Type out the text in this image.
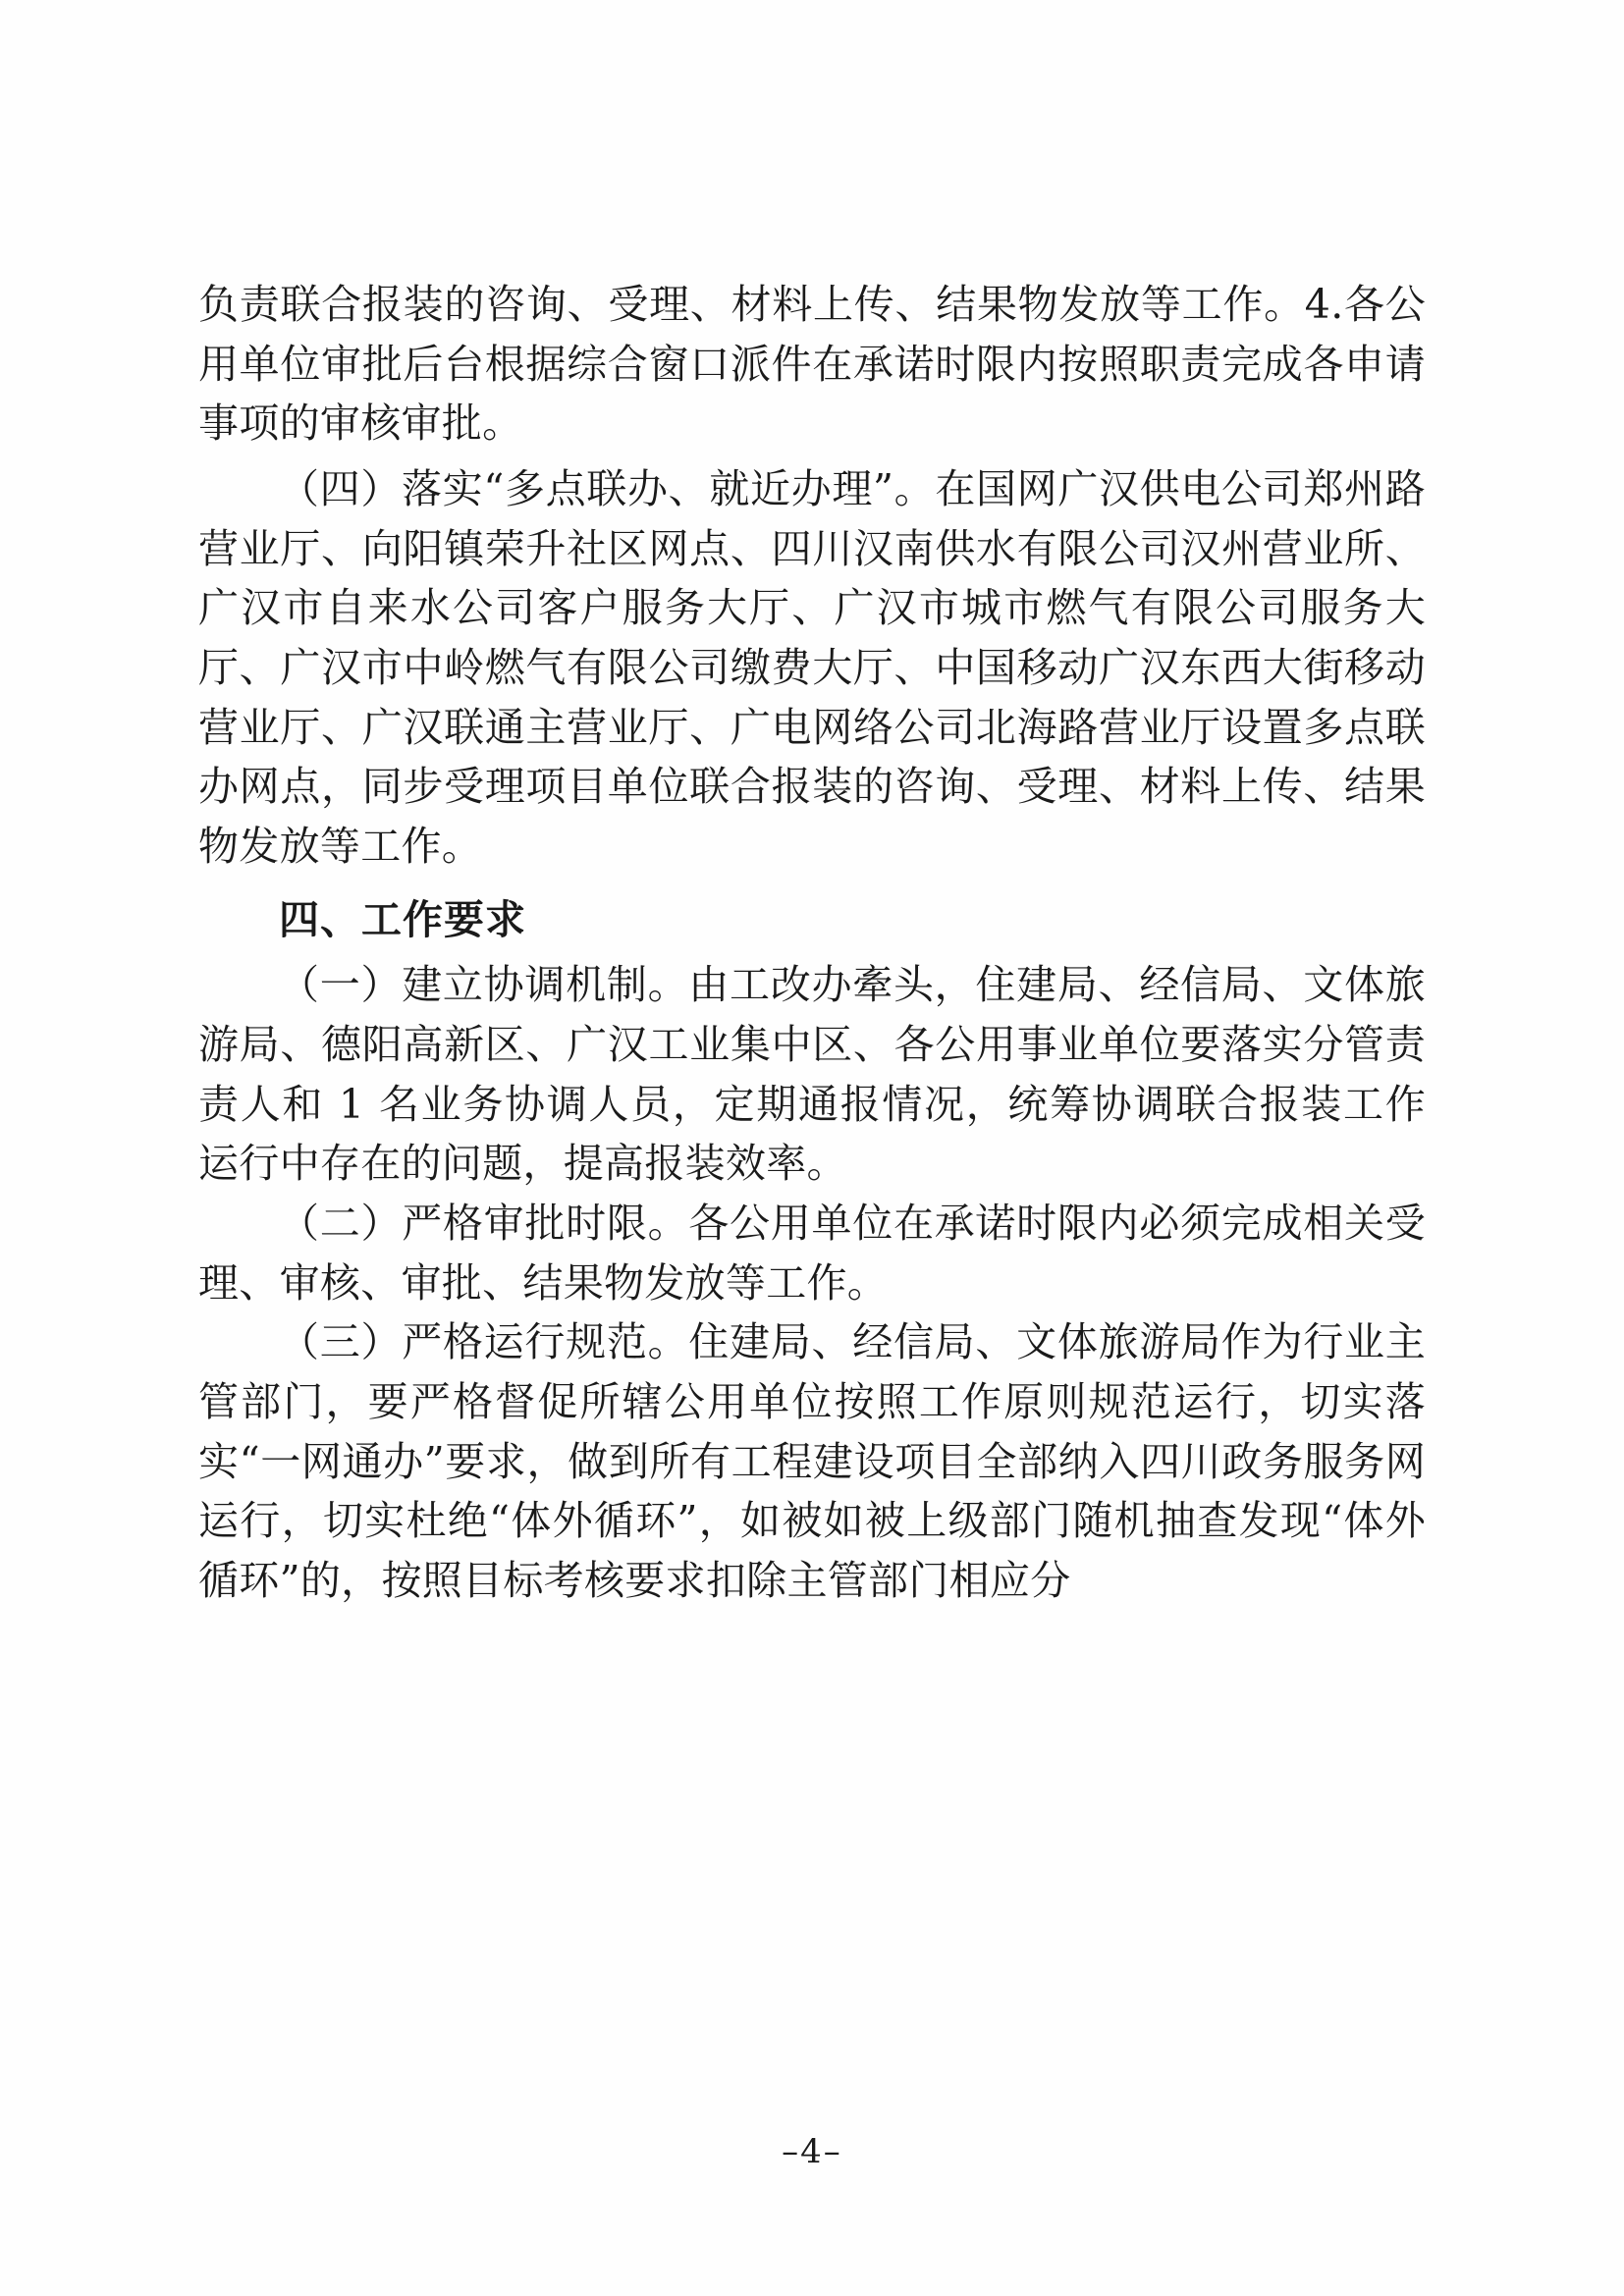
负责联合报装的咨询、受理、材料上传、结果物发放等工作。4.各公用单位审批后台根据综合窗口派件在承诺时限内按照职责完成各申请事项的审核审批。

（四）落实“多点联办、就近办理”。在国网广汉供电公司郑州路营业厅、向阳镇荣升社区网点、四川汉南供水有限公司汉州营业所、广汉市自来水公司客户服务大厅、广汉市城市燃气有限公司服务大厅、广汉市中岭燃气有限公司缴费大厅、中国移动广汉东西大街移动营业厅、广汉联通主营业厅、广电网络公司北海路营业厅设置多点联办网点，同步受理项目单位联合报装的咨询、受理、材料上传、结果物发放等工作。

四、工作要求

（一）建立协调机制。由工改办牽头，住建局、经信局、文体旅游局、德阳高新区、广汉工业集中区、各公用事业单位要落实分管责责人和 1 名业务协调人员，定期通报情况，统筹协调联合报装工作运行中存在的问题，提高报装效率。

（二）严格审批时限。各公用单位在承诺时限内必须完成相关受理、审核、审批、结果物发放等工作。

（三）严格运行规范。住建局、经信局、文体旅游局作为行业主管部门，要严格督促所辖公用单位按照工作原则规范运行，切实落实“一网通办”要求，做到所有工程建设项目全部纳入四川政务服务网运行，切实杜绝“体外循环”，如被如被上级部门随机抽查发现“体外循环”的，按照目标考核要求扣除主管部门相应分

–4–
